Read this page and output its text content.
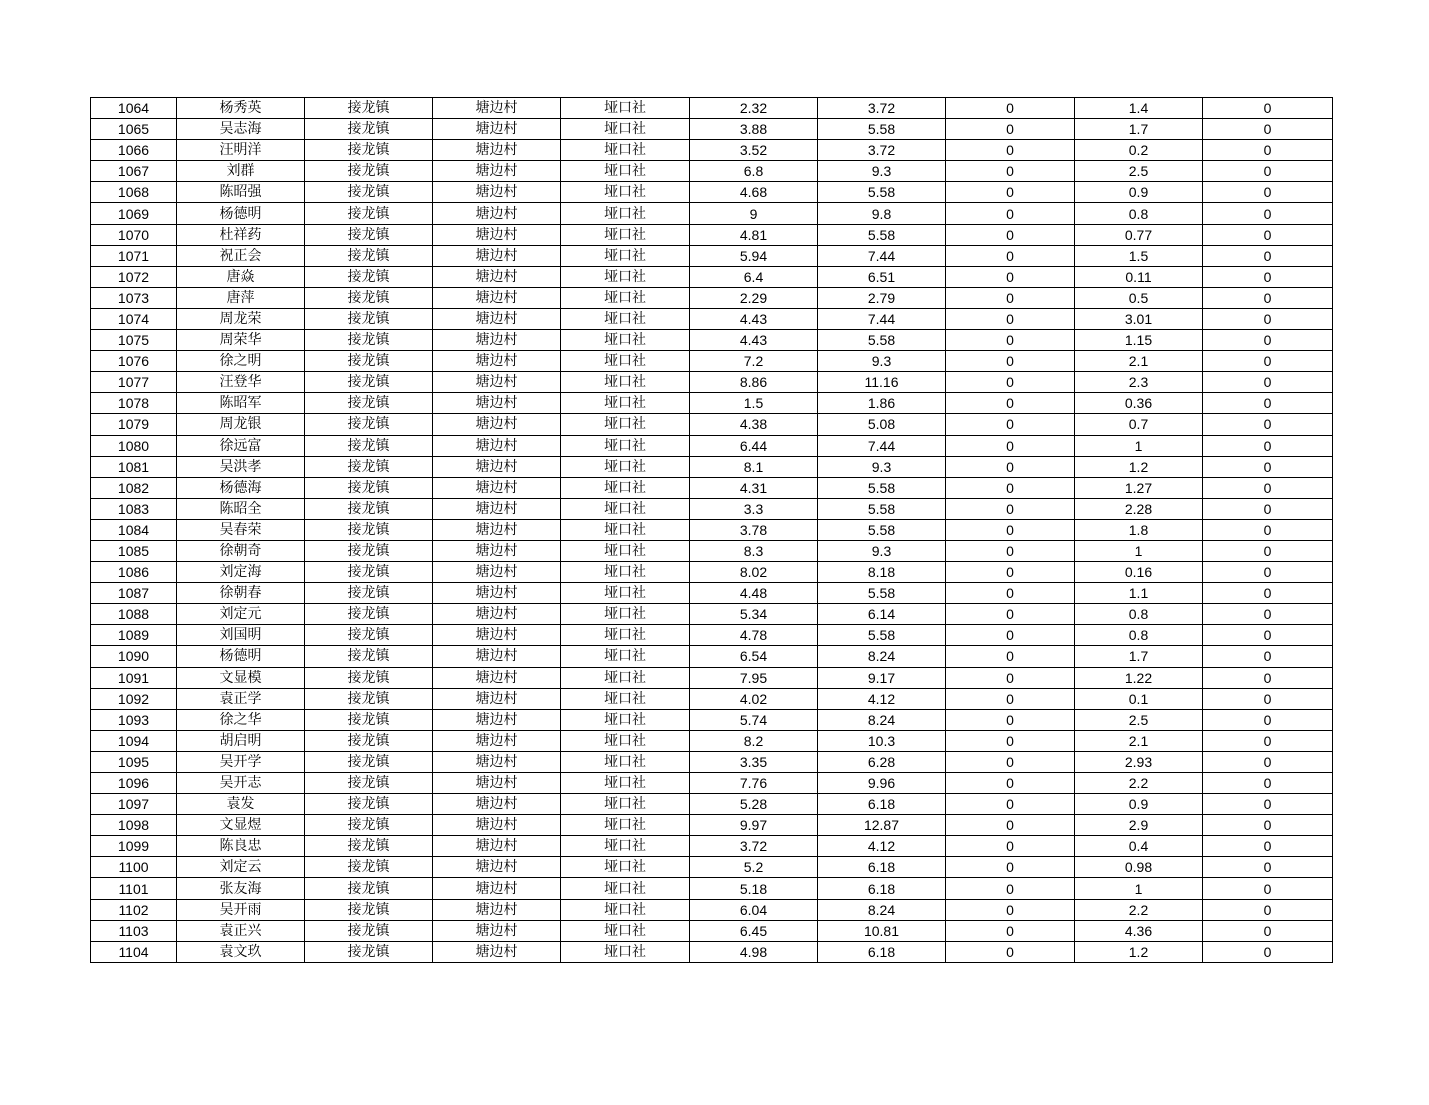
1064	杨秀英	接龙镇	塘边村	垭口社	2.32	3.72	0	1.4	0
1065	吴志海	接龙镇	塘边村	垭口社	3.88	5.58	0	1.7	0
1066	汪明洋	接龙镇	塘边村	垭口社	3.52	3.72	0	0.2	0
1067	刘群	接龙镇	塘边村	垭口社	6.8	9.3	0	2.5	0
1068	陈昭强	接龙镇	塘边村	垭口社	4.68	5.58	0	0.9	0
1069	杨德明	接龙镇	塘边村	垭口社	9	9.8	0	0.8	0
1070	杜祥药	接龙镇	塘边村	垭口社	4.81	5.58	0	0.77	0
1071	祝正会	接龙镇	塘边村	垭口社	5.94	7.44	0	1.5	0
1072	唐焱	接龙镇	塘边村	垭口社	6.4	6.51	0	0.11	0
1073	唐萍	接龙镇	塘边村	垭口社	2.29	2.79	0	0.5	0
1074	周龙荣	接龙镇	塘边村	垭口社	4.43	7.44	0	3.01	0
1075	周荣华	接龙镇	塘边村	垭口社	4.43	5.58	0	1.15	0
1076	徐之明	接龙镇	塘边村	垭口社	7.2	9.3	0	2.1	0
1077	汪登华	接龙镇	塘边村	垭口社	8.86	11.16	0	2.3	0
1078	陈昭军	接龙镇	塘边村	垭口社	1.5	1.86	0	0.36	0
1079	周龙银	接龙镇	塘边村	垭口社	4.38	5.08	0	0.7	0
1080	徐远富	接龙镇	塘边村	垭口社	6.44	7.44	0	1	0
1081	吴洪孝	接龙镇	塘边村	垭口社	8.1	9.3	0	1.2	0
1082	杨德海	接龙镇	塘边村	垭口社	4.31	5.58	0	1.27	0
1083	陈昭全	接龙镇	塘边村	垭口社	3.3	5.58	0	2.28	0
1084	吴春荣	接龙镇	塘边村	垭口社	3.78	5.58	0	1.8	0
1085	徐朝奇	接龙镇	塘边村	垭口社	8.3	9.3	0	1	0
1086	刘定海	接龙镇	塘边村	垭口社	8.02	8.18	0	0.16	0
1087	徐朝春	接龙镇	塘边村	垭口社	4.48	5.58	0	1.1	0
1088	刘定元	接龙镇	塘边村	垭口社	5.34	6.14	0	0.8	0
1089	刘国明	接龙镇	塘边村	垭口社	4.78	5.58	0	0.8	0
1090	杨德明	接龙镇	塘边村	垭口社	6.54	8.24	0	1.7	0
1091	文显模	接龙镇	塘边村	垭口社	7.95	9.17	0	1.22	0
1092	袁正学	接龙镇	塘边村	垭口社	4.02	4.12	0	0.1	0
1093	徐之华	接龙镇	塘边村	垭口社	5.74	8.24	0	2.5	0
1094	胡启明	接龙镇	塘边村	垭口社	8.2	10.3	0	2.1	0
1095	吴开学	接龙镇	塘边村	垭口社	3.35	6.28	0	2.93	0
1096	吴开志	接龙镇	塘边村	垭口社	7.76	9.96	0	2.2	0
1097	袁发	接龙镇	塘边村	垭口社	5.28	6.18	0	0.9	0
1098	文显煜	接龙镇	塘边村	垭口社	9.97	12.87	0	2.9	0
1099	陈良忠	接龙镇	塘边村	垭口社	3.72	4.12	0	0.4	0
1100	刘定云	接龙镇	塘边村	垭口社	5.2	6.18	0	0.98	0
1101	张友海	接龙镇	塘边村	垭口社	5.18	6.18	0	1	0
1102	吴开雨	接龙镇	塘边村	垭口社	6.04	8.24	0	2.2	0
1103	袁正兴	接龙镇	塘边村	垭口社	6.45	10.81	0	4.36	0
1104	袁文玖	接龙镇	塘边村	垭口社	4.98	6.18	0	1.2	0
